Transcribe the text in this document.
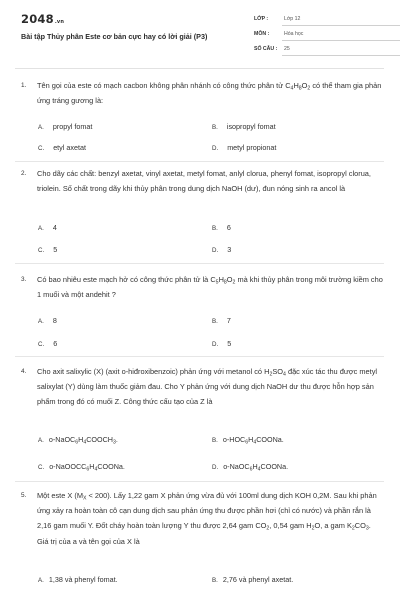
2048.vn
Bài tập Thủy phân Este cơ bản cực hay có lời giải (P3)
LỚP :	Lớp 12
MÔN :	Hóa học
SỐ CÂU : 25
1. Tên gọi của este có mạch cacbon không phân nhánh có công thức phân tử $C_4H_8O_2$ có thể tham gia phản ứng tráng gương là:
A. propyl fomat	B. isopropyl fomat
C. etyl axetat	D. metyl propionat
2. Cho dãy các chất: benzyl axetat, vinyl axetat, metyl fomat, anlyl clorua, phenyl fomat, isopropyl clorua, triolein. Số chất trong dãy khi thủy phân trong dung dịch NaOH (dư), đun nóng sinh ra ancol là
A. 4	B. 6
C. 5	D. 3
3. Có bao nhiêu este mạch hở có công thức phân tử là $C_5H_8O_2$ mà khi thủy phân trong môi trường kiềm cho 1 muối và một andehit ?
A. 8	B. 7
C. 6	D. 5
4. Cho axit salixylic (X) (axit o-hiđroxibenzoic) phản ứng với metanol có $H_2SO_4$ đặc xúc tác thu được metyl salixylat (Y) dùng làm thuốc giảm đau. Cho Y phản ứng với dung dịch NaOH dư thu được hỗn hợp sản phẩm trong đó có muối Z. Công thức cấu tạo của Z là
A. $o-NaOC_6H_4COOCH_3$.	B. $o-HOC_6H_4COONa$.
C. $o-NaOOCC_6H_4COONa$.	D. $o-NaOC_6H_4COONa$.
5. Một este X $(M_X < 200)$. Lấy 1,22 gam X phản ứng vừa đủ với 100ml dung dịch KOH 0,2M. Sau khi phản ứng xảy ra hoàn toàn cô cạn dung dịch sau phản ứng thu được phần hơi (chỉ có nước) và phần rắn là 2,16 gam muối Y. Đốt cháy hoàn toàn lượng Y thu được 2,64 gam $CO_2$, 0,54 gam $H_2O$, a gam $K_2CO_3$. Giá trị của a và tên gọi của X là
A. 1,38 và phenyl fomat.	B. 2,76 và phenyl axetat.
